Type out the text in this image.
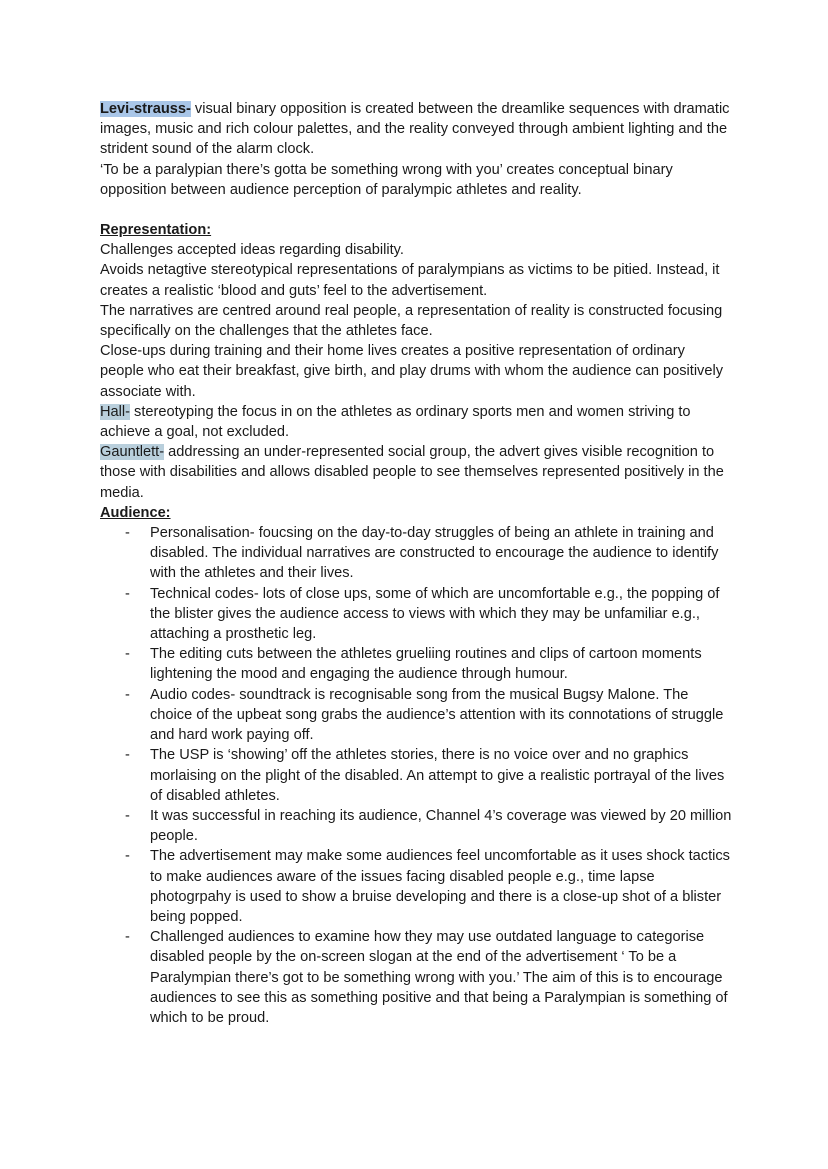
Levi-strauss- visual binary opposition is created between the dreamlike sequences with dramatic images, music and rich colour palettes, and the reality conveyed through ambient lighting and the strident sound of the alarm clock.

‘To be a paralypian there’s gotta be something wrong with you’ creates conceptual binary opposition between audience perception of paralympic athletes and reality.

Representation:

Challenges accepted ideas regarding disability.

Avoids netagtive stereotypical representations of paralympians as victims to be pitied. Instead, it creates a realistic ‘blood and guts’ feel to the advertisement.

The narratives are centred around real people, a representation of reality is constructed focusing specifically on the challenges that the athletes face.

Close-ups during training and their home lives creates a positive representation of ordinary people who eat their breakfast, give birth, and play drums with whom the audience can positively associate with.

Hall- stereotyping the focus in on the athletes as ordinary sports men and women striving to achieve a goal, not excluded.

Gauntlett- addressing an under-represented social group, the advert gives visible recognition to those with disabilities and allows disabled people to see themselves represented positively in the media.

Audience:

- Personalisation- foucsing on the day-to-day struggles of being an athlete in training and disabled. The individual narratives are constructed to encourage the audience to identify with the athletes and their lives.
- Technical codes- lots of close ups, some of which are uncomfortable e.g., the popping of the blister gives the audience access to views with which they may be unfamiliar e.g., attaching a prosthetic leg.
- The editing cuts between the athletes grueliing routines and clips of cartoon moments lightening the mood and engaging the audience through humour.
- Audio codes- soundtrack is recognisable song from the musical Bugsy Malone. The choice of the upbeat song grabs the audience’s attention with its connotations of struggle and hard work paying off.
- The USP is ‘showing’ off the athletes stories, there is no voice over and no graphics morlaising on the plight of the disabled. An attempt to give a realistic portrayal of the lives of disabled athletes.
- It was successful in reaching its audience, Channel 4’s coverage was viewed by 20 million people.
- The advertisement may make some audiences feel uncomfortable as it uses shock tactics to make audiences aware of the issues facing disabled people e.g., time lapse photogrpahy is used to show a bruise developing and there is a close-up shot of a blister being popped.
- Challenged audiences to examine how they may use outdated language to categorise disabled people by the on-screen slogan at the end of the advertisement ‘ To be a Paralympian there’s got to be something wrong with you.’ The aim of this is to encourage audiences to see this as something positive and that being a Paralympian is something of which to be proud.
